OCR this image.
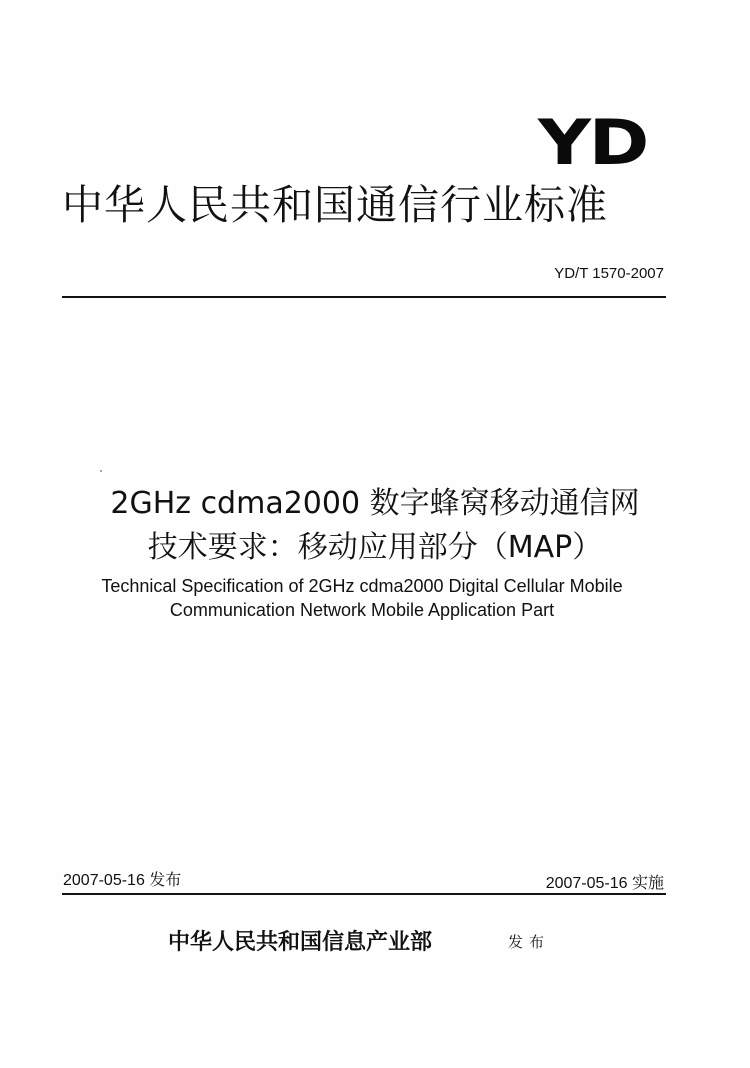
YD
中华人民共和国通信行业标准
YD/T 1570-2007
2GHz cdma2000 数字蜂窝移动通信网
技术要求：移动应用部分（MAP）
Technical Specification of 2GHz cdma2000 Digital Cellular Mobile
Communication Network Mobile Application Part
2007-05-16 发布	2007-05-16 实施
中华人民共和国信息产业部	发布
